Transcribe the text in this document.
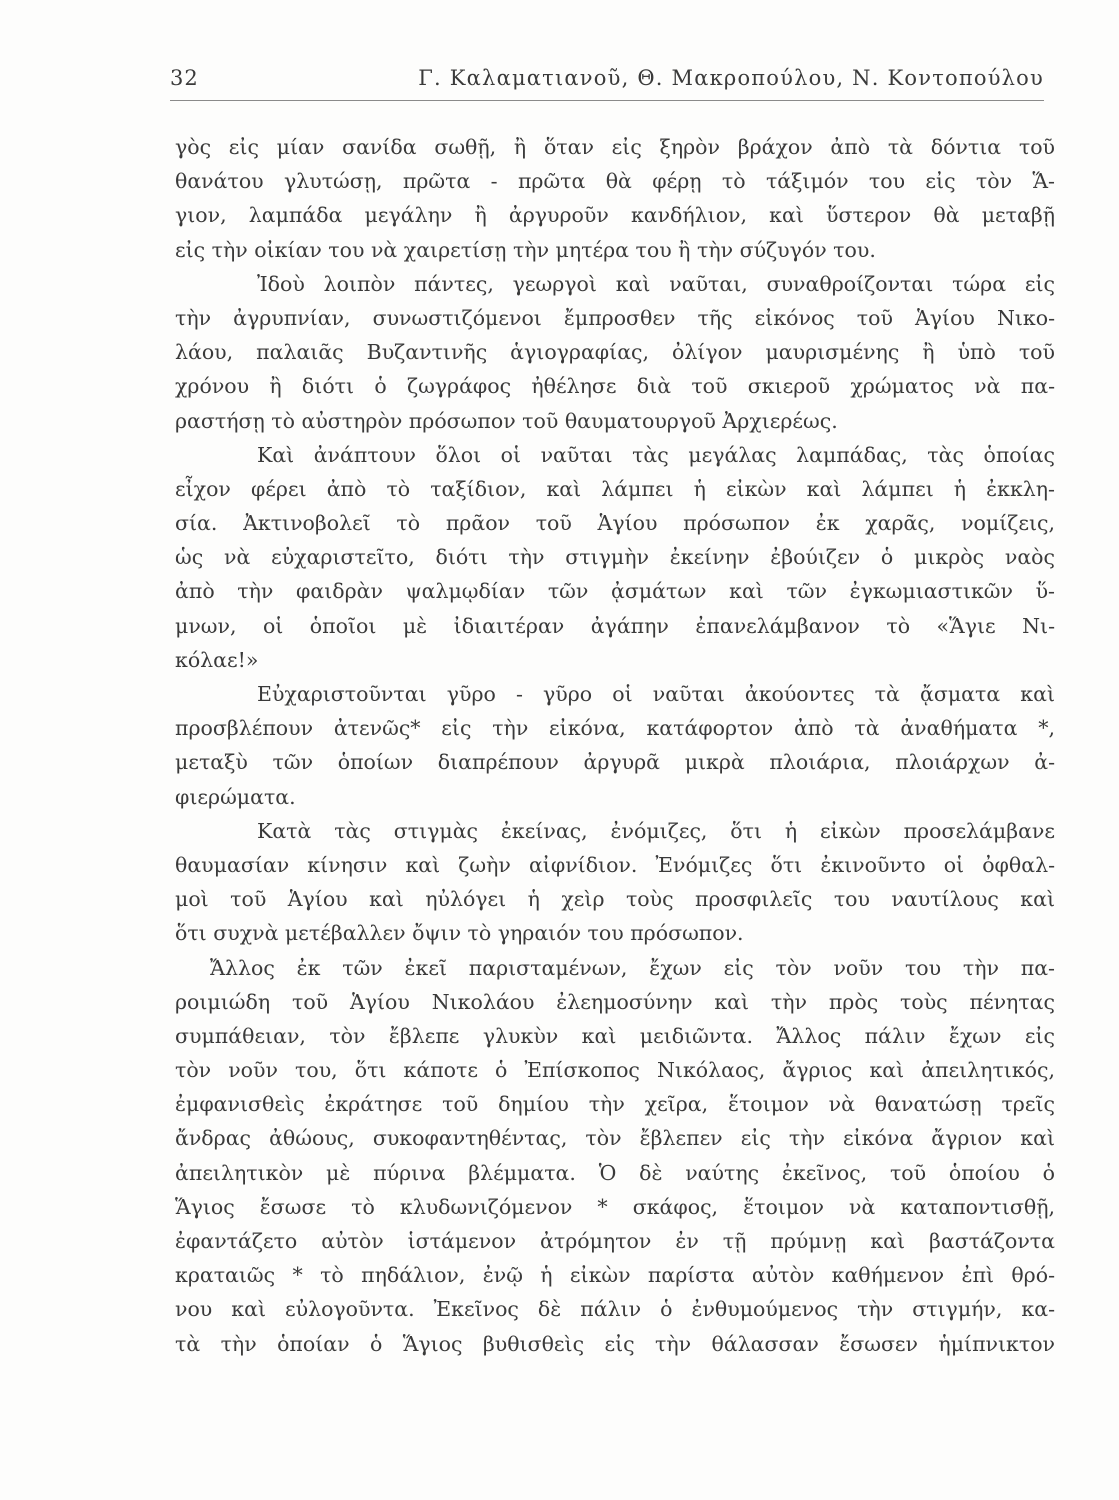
32	Γ. Καλαματιανοῦ, Θ. Μακροπούλου, Ν. Κοντοπούλου
γὸς εἰς μίαν σανίδα σωθῇ, ἢ ὅταν εἰς ξηρὸν βράχον ἀπὸ τὰ δόντια τοῦ
θανάτου γλυτώσῃ, πρῶτα - πρῶτα θὰ φέρῃ τὸ τάξιμόν του εἰς τὸν Ἅ-
γιον, λαμπάδα μεγάλην ἢ ἀργυροῦν κανδήλιον, καὶ ὕστερον θὰ μεταβῇ
εἰς τὴν οἰκίαν του νὰ χαιρετίσῃ τὴν μητέρα του ἢ τὴν σύζυγόν του.
Ἰδοὺ λοιπὸν πάντες, γεωργοὶ καὶ ναῦται, συναθροίζονται τώρα εἰς
τὴν ἀγρυπνίαν, συνωστιζόμενοι ἔμπροσθεν τῆς εἰκόνος τοῦ Ἁγίου Νικο-
λάου, παλαιᾶς Βυζαντινῆς ἁγιογραφίας, ὀλίγον μαυρισμένης ἢ ὑπὸ τοῦ
χρόνου ἢ διότι ὁ ζωγράφος ἠθέλησε διὰ τοῦ σκιεροῦ χρώματος νὰ πα-
ραστήσῃ τὸ αὐστηρὸν πρόσωπον τοῦ θαυματουργοῦ Ἀρχιερέως.
Καὶ ἀνάπτουν ὅλοι οἱ ναῦται τὰς μεγάλας λαμπάδας, τὰς ὁποίας
εἶχον φέρει ἀπὸ τὸ ταξίδιον, καὶ λάμπει ἡ εἰκὼν καὶ λάμπει ἡ ἐκκλη-
σία. Ἀκτινοβολεῖ τὸ πρᾶον τοῦ Ἁγίου πρόσωπον ἐκ χαρᾶς, νομίζεις,
ὡς νὰ εὐχαριστεῖτο, διότι τὴν στιγμὴν ἐκείνην ἐβούιζεν ὁ μικρὸς ναὸς
ἀπὸ τὴν φαιδρὰν ψαλμῳδίαν τῶν ᾀσμάτων καὶ τῶν ἐγκωμιαστικῶν ὕ-
μνων, οἱ ὁποῖοι μὲ ἰδιαιτέραν ἀγάπην ἐπανελάμβανον τὸ «Ἅγιε Νι-
κόλαε!»
Εὐχαριστοῦνται γῦρο - γῦρο οἱ ναῦται ἀκούοντες τὰ ᾄσματα καὶ
προσβλέπουν ἀτενῶς* εἰς τὴν εἰκόνα, κατάφορτον ἀπὸ τὰ ἀναθήματα *,
μεταξὺ τῶν ὁποίων διαπρέπουν ἀργυρᾶ μικρὰ πλοιάρια, πλοιάρχων ἀ-
φιερώματα.
Κατὰ τὰς στιγμὰς ἐκείνας, ἐνόμιζες, ὅτι ἡ εἰκὼν προσελάμβανε
θαυμασίαν κίνησιν καὶ ζωὴν αἰφνίδιον. Ἐνόμιζες ὅτι ἐκινοῦντο οἱ ὀφθαλ-
μοὶ τοῦ Ἁγίου καὶ ηὐλόγει ἡ χεὶρ τοὺς προσφιλεῖς του ναυτίλους καὶ
ὅτι συχνὰ μετέβαλλεν ὄψιν τὸ γηραιόν του πρόσωπον.
Ἄλλος ἐκ τῶν ἐκεῖ παρισταμένων, ἔχων εἰς τὸν νοῦν του τὴν πα-
ροιμιώδη τοῦ Ἁγίου Νικολάου ἐλεημοσύνην καὶ τὴν πρὸς τοὺς πένητας
συμπάθειαν, τὸν ἔβλεπε γλυκὺν καὶ μειδιῶντα. Ἄλλος πάλιν ἔχων εἰς
τὸν νοῦν του, ὅτι κάποτε ὁ Ἐπίσκοπος Νικόλαος, ἄγριος καὶ ἀπειλητικός,
ἐμφανισθεὶς ἐκράτησε τοῦ δημίου τὴν χεῖρα, ἕτοιμον νὰ θανατώσῃ τρεῖς
ἄνδρας ἀθώους, συκοφαντηθέντας, τὸν ἔβλεπεν εἰς τὴν εἰκόνα ἄγριον καὶ
ἀπειλητικὸν μὲ πύρινα βλέμματα. Ὁ δὲ ναύτης ἐκεῖνος, τοῦ ὁποίου ὁ
Ἅγιος ἔσωσε τὸ κλυδωνιζόμενον * σκάφος, ἕτοιμον νὰ καταποντισθῇ,
ἐφαντάζετο αὐτὸν ἱστάμενον ἀτρόμητον ἐν τῇ πρύμνῃ καὶ βαστάζοντα
κραταιῶς * τὸ πηδάλιον, ἐνῷ ἡ εἰκὼν παρίστα αὐτὸν καθήμενον ἐπὶ θρό-
νου καὶ εὐλογοῦντα. Ἐκεῖνος δὲ πάλιν ὁ ἐνθυμούμενος τὴν στιγμήν, κα-
τὰ τὴν ὁποίαν ὁ Ἅγιος βυθισθεὶς εἰς τὴν θάλασσαν ἔσωσεν ἡμίπνικτον
